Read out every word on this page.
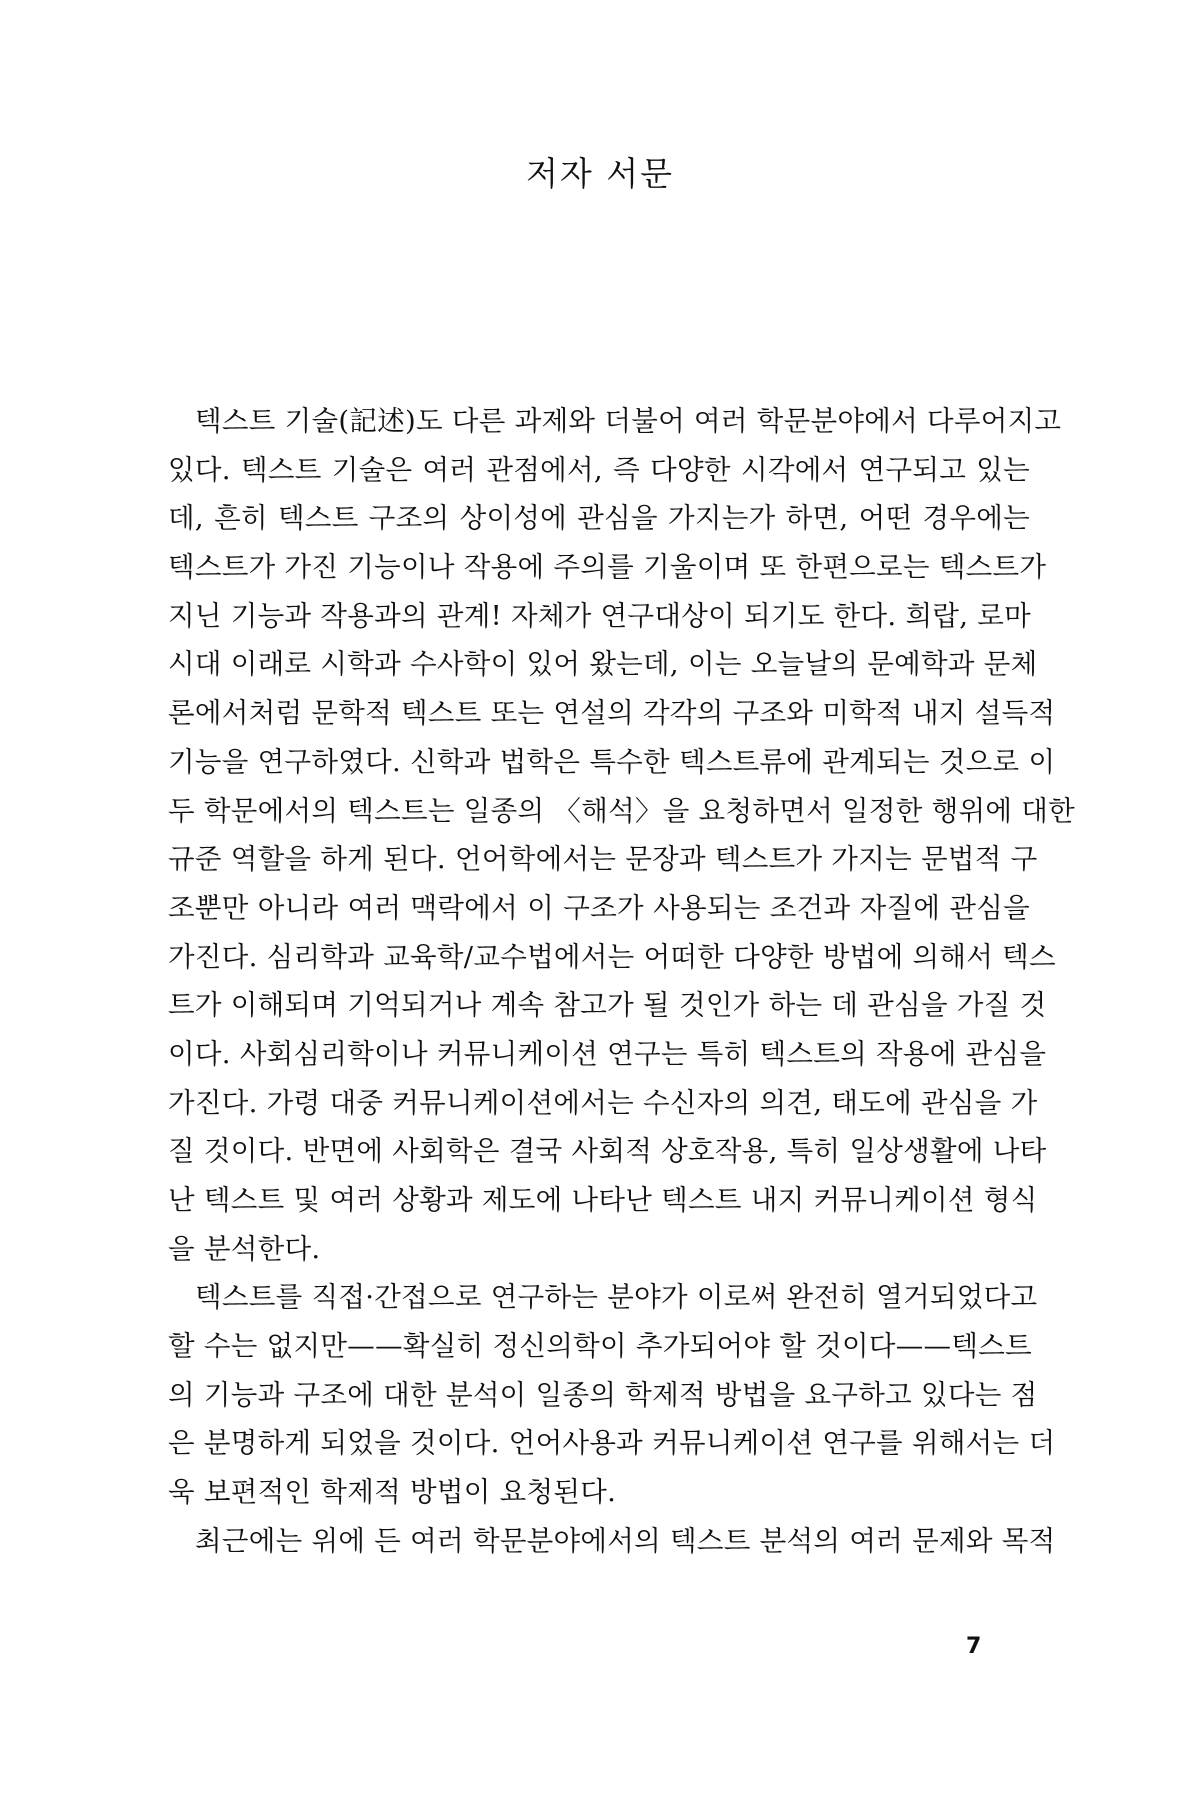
저자 서문
텍스트 기술(記述)도 다른 과제와 더불어 여러 학문분야에서 다루어지고
있다. 텍스트 기술은 여러 관점에서, 즉 다양한 시각에서 연구되고 있는
데, 흔히 텍스트 구조의 상이성에 관심을 가지는가 하면, 어떤 경우에는
텍스트가 가진 기능이나 작용에 주의를 기울이며 또 한편으로는 텍스트가
지닌 기능과 작용과의 관계! 자체가 연구대상이 되기도 한다. 희랍, 로마
시대 이래로 시학과 수사학이 있어 왔는데, 이는 오늘날의 문예학과 문체
론에서처럼 문학적 텍스트 또는 연설의 각각의 구조와 미학적 내지 설득적
기능을 연구하였다. 신학과 법학은 특수한 텍스트류에 관계되는 것으로 이
두 학문에서의 텍스트는 일종의 〈해석〉을 요청하면서 일정한 행위에 대한
규준 역할을 하게 된다. 언어학에서는 문장과 텍스트가 가지는 문법적 구
조뿐만 아니라 여러 맥락에서 이 구조가 사용되는 조건과 자질에 관심을
가진다. 심리학과 교육학/교수법에서는 어떠한 다양한 방법에 의해서 텍스
트가 이해되며 기억되거나 계속 참고가 될 것인가 하는 데 관심을 가질 것
이다. 사회심리학이나 커뮤니케이션 연구는 특히 텍스트의 작용에 관심을
가진다. 가령 대중 커뮤니케이션에서는 수신자의 의견, 태도에 관심을 가
질 것이다. 반면에 사회학은 결국 사회적 상호작용, 특히 일상생활에 나타
난 텍스트 및 여러 상황과 제도에 나타난 텍스트 내지 커뮤니케이션 형식
을 분석한다.
텍스트를 직접·간접으로 연구하는 분야가 이로써 완전히 열거되었다고
할 수는 없지만——확실히 정신의학이 추가되어야 할 것이다——텍스트
의 기능과 구조에 대한 분석이 일종의 학제적 방법을 요구하고 있다는 점
은 분명하게 되었을 것이다. 언어사용과 커뮤니케이션 연구를 위해서는 더
욱 보편적인 학제적 방법이 요청된다.
최근에는 위에 든 여러 학문분야에서의 텍스트 분석의 여러 문제와 목적

7
